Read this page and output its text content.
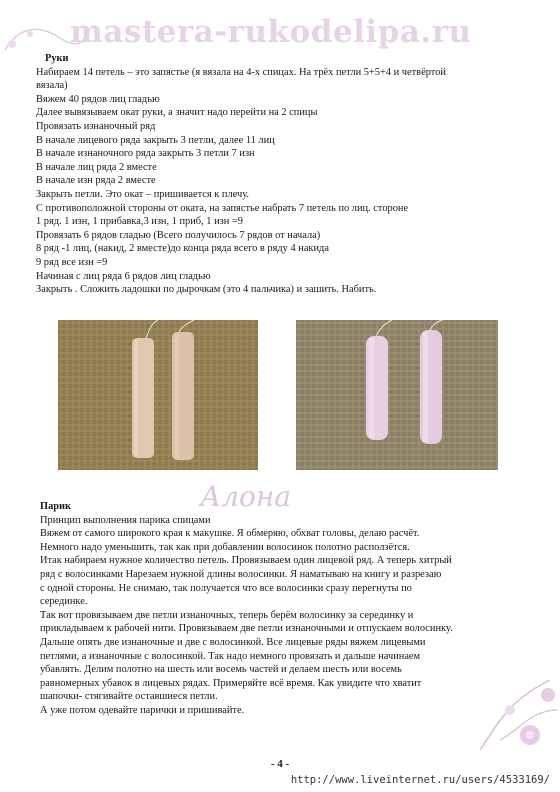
mastera-rukodelipa.ru
Руки
Набираем 14 петель – это запястье (я вязала на 4-х спицах. На трёх петли 5+5+4 и четвёртой
вязала)
Вяжем 40 рядов лиц гладью
Далее вывязываем окат руки, а значит надо перейти на 2 спицы
Провязать изнаночный ряд
В начале лицевого ряда закрыть 3 петли, далее 11 лиц
В начале изнаночного ряда закрыть 3 петли 7 изн
В начале лиц ряда 2 вместе
В начале изн ряда 2 вместе
Закрыть петли. Это окат – пришивается к плечу.
С противоположной стороны от оката, на запястье набрать 7 петель по лиц. стороне
1 ряд. 1 изн, 1 прибавка,3 изн, 1 приб, 1 изн =9
Провязать 6 рядов гладью (Всего получилось 7 рядов от начала)
8 ряд -1 лиц, (накид, 2 вместе)до конца ряда всего в ряду 4 накида
9 ряд все изн =9
Начиная с лиц ряда 6 рядов лиц гладью
Закрыть . Сложить ладошки по дырочкам (это 4 пальчика) и зашить. Набить.
Алона
Парик
Принцип выполнения парика спицами
Вяжем от самого широкого края к макушке. Я обмеряю, обхват головы, делаю расчёт.
Немного надо уменьшить, так как при добавлении волосинок полотно расползётся.
Итак набираем нужное количество петель. Провязываем один лицевой ряд. А теперь хитрый
ряд с волосинками Нарезаем нужной длины волосинки. Я наматываю на книгу и разрезаю
с одной стороны. Не снимаю, так получается что все волосинки сразу перегнуты по
серединке.
Так вот провязываем две петли изнаночных, теперь берём волосинку за серединку и
прикладываем к рабочей нити. Провязываем две петли изнаночными и отпускаем волосинку.
Дальше опять две изнаночные и две с волосинкой. Все лицевые ряды вяжем лицевыми
петлями, а изнаночные с волосинкой. Так надо немного провязать и дальше начинаем
убавлять. Делим полотно на шесть или восемь частей и делаем шесть или восемь
равномерных убавок в лицевых рядах. Примеряйте всё время. Как увидите что хватит
шапочки- стягивайте оставшиеся петли.
А уже потом одевайте парички и пришивайте.
- 4 -
http://www.liveinternet.ru/users/4533169/
